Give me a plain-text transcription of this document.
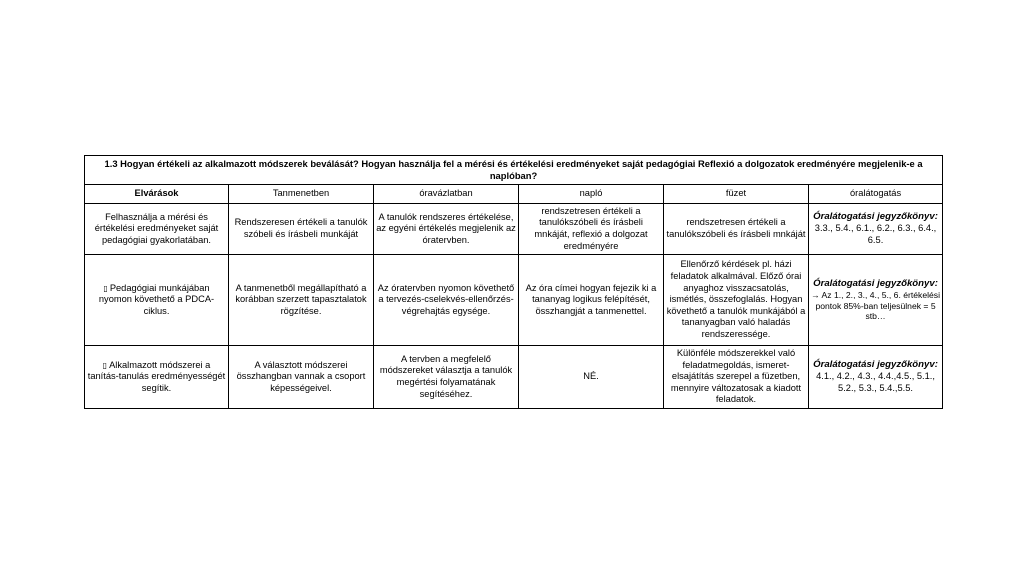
1.3 Hogyan értékeli az alkalmazott módszerek beválását? Hogyan használja fel a mérési és értékelési eredményeket saját pedagógiai Reflexió a dolgozatok eredményére megjelenik-e a naplóban?					
Elvárások	Tanmenetben	óravázlatban	napló	füzet	óralátogatás
Felhasználja a mérési és értékelési eredményeket saját pedagógiai gyakorlatában.	Rendszeresen értékeli a tanulók szóbeli és írásbeli munkáját	A tanulók rendszeres értékelése, az egyéni értékelés megjelenik az óratervben.	rendszetresen értékeli a tanulókszóbeli és írásbeli mnkáját, reflexió a dolgozat eredményére	rendszetresen értékeli a tanulókszóbeli és írásbeli mnkáját	Óralátogatási jegyzőkönyv:
3.3., 5.4., 6.1., 6.2., 6.3., 6.4., 6.5.

▯ Pedagógiai munkájában nyomon követhető a PDCA-ciklus.	A tanmenetből megállapítható a korábban szerzett tapasztalatok rögzítése.	Az óratervben nyomon követhető a tervezés-cselekvés-ellenőrzés-végrehajtás egysége.	Az óra címei hogyan fejezik ki a tananyag logikus felépítését, összhangját a tanmenettel.	Ellenőrző kérdések pl. házi feladatok alkalmával. Előző órai anyaghoz visszacsatolás, ismétlés, összefoglalás. Hogyan követhető a tanulók munkájából a tananyagban való haladás rendszeressége.	Óralátogatási jegyzőkönyv:
→ Az 1., 2., 3., 4., 5., 6. értékelési pontok 85%-ban teljesülnek = 5 stb…

▯ Alkalmazott módszerei a tanítás-tanulás eredményességét segítik.	A választott módszerei összhangban vannak a csoport képességeivel.	A tervben a megfelelő módszereket választja a tanulók megértési folyamatának segítéséhez.	NÉ.	Különféle módszerekkel való feladatmegoldás, ismeret-elsajátítás szerepel a füzetben, mennyire változatosak a kiadott feladatok.	Óralátogatási jegyzőkönyv:
4.1., 4.2., 4.3., 4.4.,4.5., 5.1., 5.2., 5.3., 5.4.,5.5.
